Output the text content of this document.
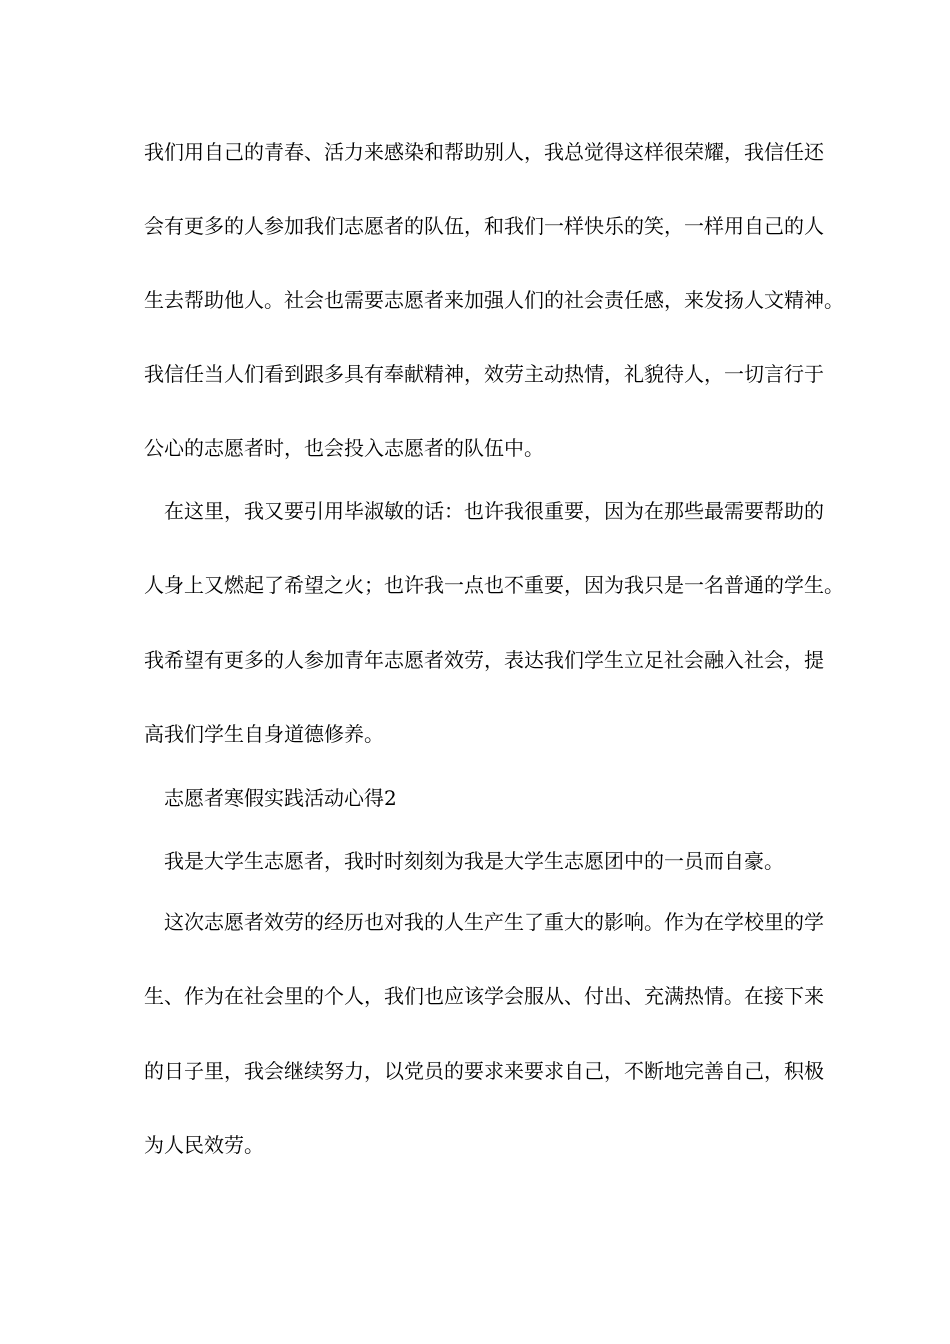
我们用自己的青春、活力来感染和帮助别人，我总觉得这样很荣耀，我信任还

会有更多的人参加我们志愿者的队伍，和我们一样快乐的笑，一样用自己的人

生去帮助他人。社会也需要志愿者来加强人们的社会责任感，来发扬人文精神。

我信任当人们看到跟多具有奉献精神，效劳主动热情，礼貌待人，一切言行于

公心的志愿者时，也会投入志愿者的队伍中。

在这里，我又要引用毕淑敏的话：也许我很重要，因为在那些最需要帮助的

人身上又燃起了希望之火；也许我一点也不重要，因为我只是一名普通的学生。

我希望有更多的人参加青年志愿者效劳，表达我们学生立足社会融入社会，提

高我们学生自身道德修养。

志愿者寒假实践活动心得2

我是大学生志愿者，我时时刻刻为我是大学生志愿团中的一员而自豪。

这次志愿者效劳的经历也对我的人生产生了重大的影响。作为在学校里的学

生、作为在社会里的个人，我们也应该学会服从、付出、充满热情。在接下来

的日子里，我会继续努力，以党员的要求来要求自己，不断地完善自己，积极

为人民效劳。
